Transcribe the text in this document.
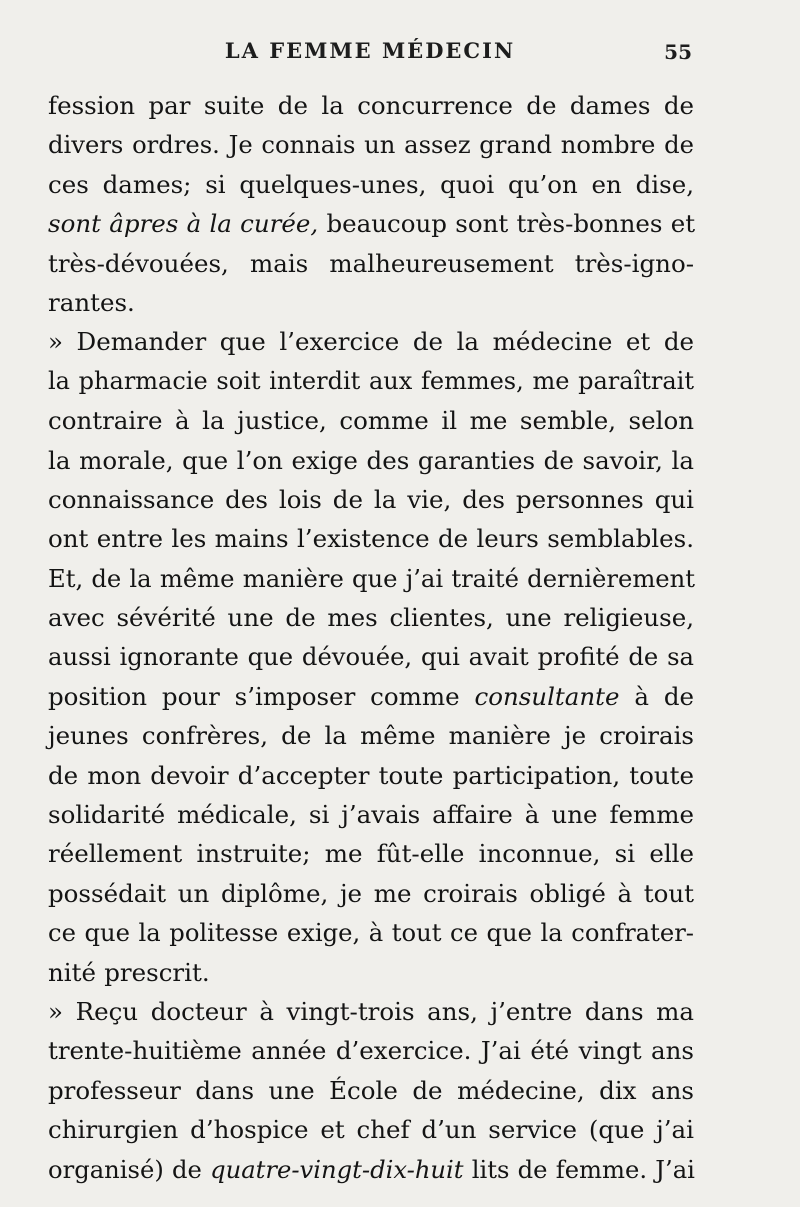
LA FEMME MÉDECIN	55
fession par suite de la concurrence de dames de
divers ordres. Je connais un assez grand nombre de
ces dames; si quelques-unes, quoi qu’on en dise,
sont âpres à la curée, beaucoup sont très-bonnes et
très-dévouées, mais malheureusement très-igno-
rantes.
» Demander que l’exercice de la médecine et de
la pharmacie soit interdit aux femmes, me paraîtrait
contraire à la justice, comme il me semble, selon
la morale, que l’on exige des garanties de savoir, la
connaissance des lois de la vie, des personnes qui
ont entre les mains l’existence de leurs semblables.
Et, de la même manière que j’ai traité dernièrement
avec sévérité une de mes clientes, une religieuse,
aussi ignorante que dévouée, qui avait profité de sa
position pour s’imposer comme consultante à de
jeunes confrères, de la même manière je croirais
de mon devoir d’accepter toute participation, toute
solidarité médicale, si j’avais affaire à une femme
réellement instruite; me fût-elle inconnue, si elle
possédait un diplôme, je me croirais obligé à tout
ce que la politesse exige, à tout ce que la confrater-
nité prescrit.
» Reçu docteur à vingt-trois ans, j’entre dans ma
trente-huitième année d’exercice. J’ai été vingt ans
professeur dans une École de médecine, dix ans
chirurgien d’hospice et chef d’un service (que j’ai
organisé) de quatre-vingt-dix-huit lits de femme. J’ai
